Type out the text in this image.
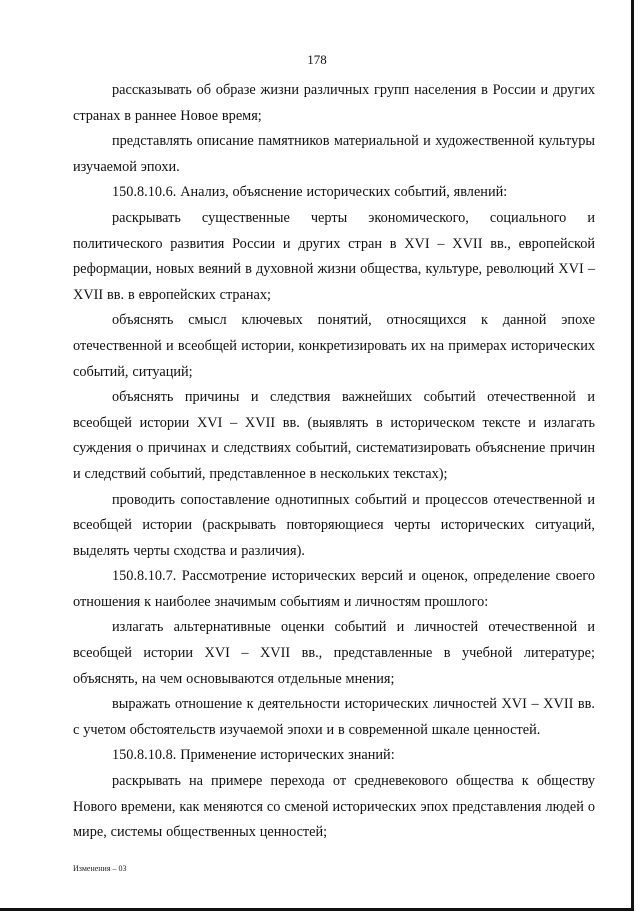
178

рассказывать об образе жизни различных групп населения в России и других странах в раннее Новое время;

представлять описание памятников материальной и художественной культуры изучаемой эпохи.

150.8.10.6. Анализ, объяснение исторических событий, явлений:

раскрывать существенные черты экономического, социального и политического развития России и других стран в XVI – XVII вв., европейской реформации, новых веяний в духовной жизни общества, культуре, революций XVI – XVII вв. в европейских странах;

объяснять смысл ключевых понятий, относящихся к данной эпохе отечественной и всеобщей истории, конкретизировать их на примерах исторических событий, ситуаций;

объяснять причины и следствия важнейших событий отечественной и всеобщей истории XVI – XVII вв. (выявлять в историческом тексте и излагать суждения о причинах и следствиях событий, систематизировать объяснение причин и следствий событий, представленное в нескольких текстах);

проводить сопоставление однотипных событий и процессов отечественной и всеобщей истории (раскрывать повторяющиеся черты исторических ситуаций, выделять черты сходства и различия).

150.8.10.7. Рассмотрение исторических версий и оценок, определение своего отношения к наиболее значимым событиям и личностям прошлого:

излагать альтернативные оценки событий и личностей отечественной и всеобщей истории XVI – XVII вв., представленные в учебной литературе; объяснять, на чем основываются отдельные мнения;

выражать отношение к деятельности исторических личностей XVI – XVII вв. с учетом обстоятельств изучаемой эпохи и в современной шкале ценностей.

150.8.10.8. Применение исторических знаний:

раскрывать на примере перехода от средневекового общества к обществу Нового времени, как меняются со сменой исторических эпох представления людей о мире, системы общественных ценностей;

Изменения – 03
